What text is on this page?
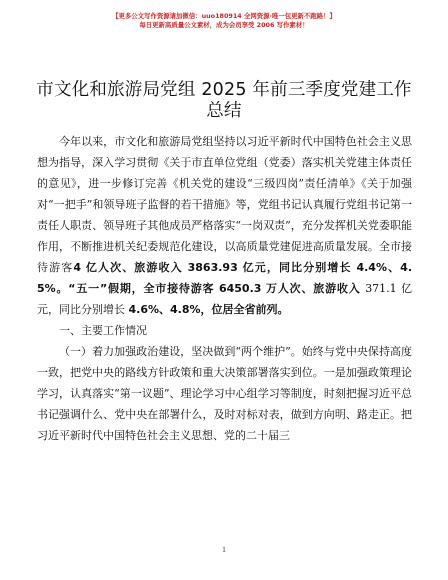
【更多公文写作资源请加微信：uuo180914 全网资源·唯一包更新不跑路！】
每日更新高质量公文素材，成为会员享受 2006 写作素材！
市文化和旅游局党组 2025 年前三季度党建工作
总结

今年以来，市文化和旅游局党组坚持以习近平新时代中国特色社会主义思想为指导，深入学习贯彻《关于市直单位党组（党委）落实机关党建主体责任的意见》，进一步修订完善《机关党的建设“三级四岗”责任清单》《关于加强对“一把手”和领导班子监督的若干措施》等，党组书记认真履行党组书记第一责任人职责、领导班子其他成员严格落实“一岗双责”，充分发挥机关党委职能作用，不断推进机关纪委规范化建设，以高质量党建促进高质量发展。全市接待游客4 亿人次、旅游收入 3863.93 亿元，同比分别增长 4.4%、4.5%。“五一”假期，全市接待游客 6450.3 万人次、旅游收入 371.1 亿元，同比分别增长 4.6%、4.8%，位居全省前列。

一、主要工作情况

（一）着力加强政治建设，坚决做到“两个维护”。始终与党中央保持高度一致，把党中央的路线方针政策和重大决策部署落实到位。一是加强政策理论学习，认真落实“第一议题”、理论学习中心组学习等制度，时刻把握习近平总书记强调什么、党中央在部署什么，及时对标对表，做到方向明、路走正。把习近平新时代中国特色社会主义思想、党的二十届三

1
